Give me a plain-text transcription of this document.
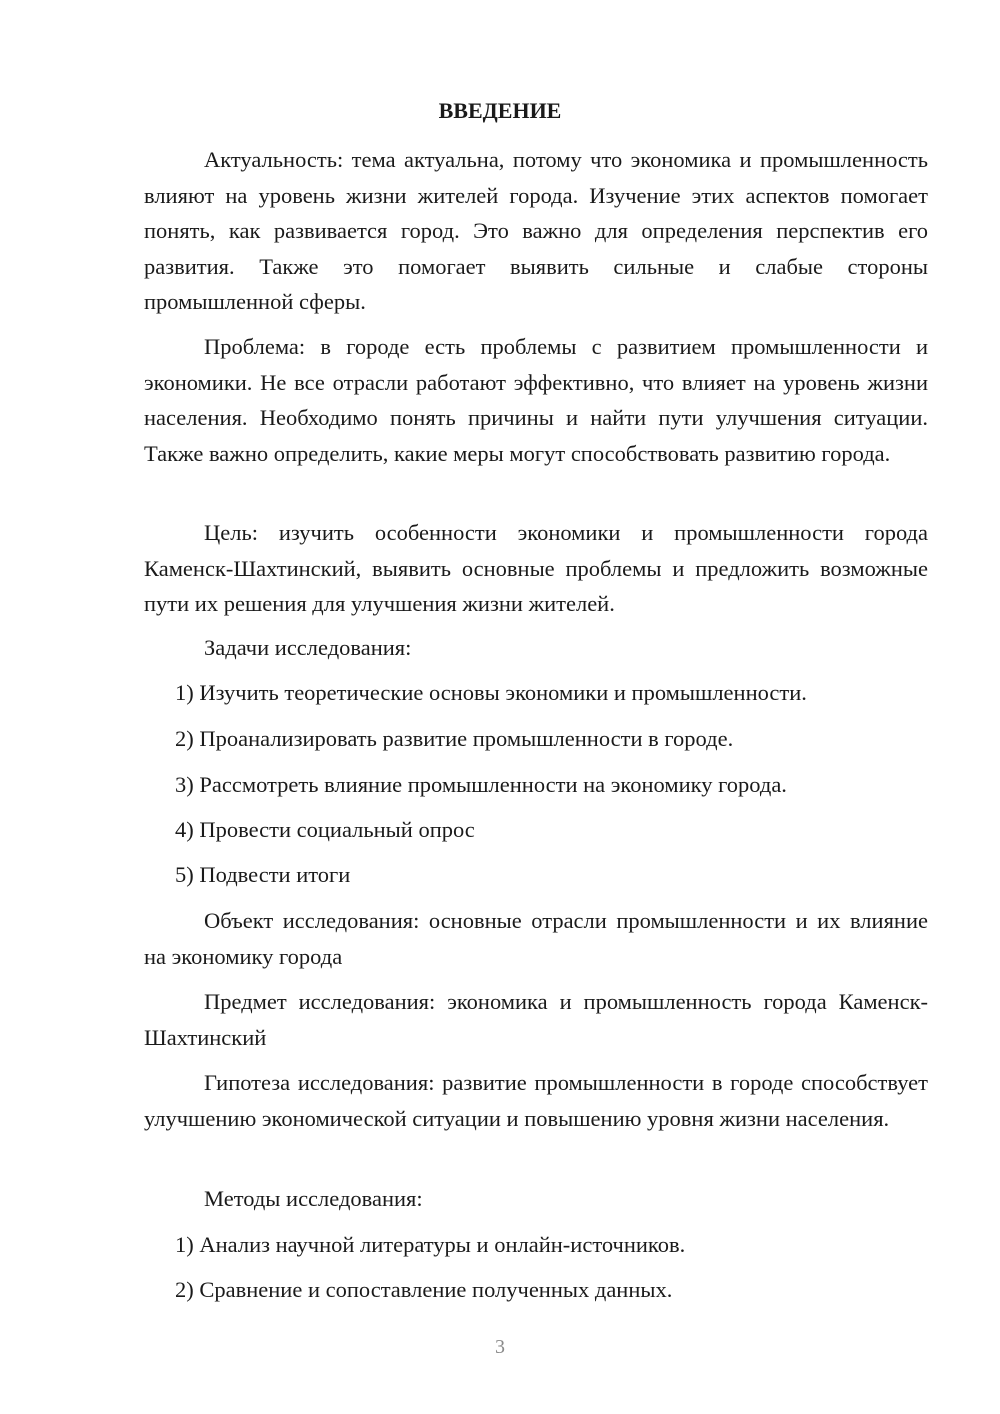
ВВЕДЕНИЕ

Актуальность: тема актуальна, потому что экономика и промышленность влияют на уровень жизни жителей города. Изучение этих аспектов помогает понять, как развивается город. Это важно для определения перспектив его развития. Также это помогает выявить сильные и слабые стороны промышленной сферы.

Проблема: в городе есть проблемы с развитием промышленности и экономики. Не все отрасли работают эффективно, что влияет на уровень жизни населения. Необходимо понять причины и найти пути улучшения ситуации. Также важно определить, какие меры могут способствовать развитию города.

Цель: изучить особенности экономики и промышленности города Каменск-Шахтинский, выявить основные проблемы и предложить возможные пути их решения для улучшения жизни жителей.

Задачи исследования:

1) Изучить теоретические основы экономики и промышленности.

2) Проанализировать развитие промышленности в городе.

3) Рассмотреть влияние промышленности на экономику города.

4) Провести социальный опрос

5) Подвести итоги

Объект исследования: основные отрасли промышленности и их влияние на экономику города

Предмет исследования: экономика и промышленность города Каменск-Шахтинский

Гипотеза исследования: развитие промышленности в городе способствует улучшению экономической ситуации и повышению уровня жизни населения.

Методы исследования:

1) Анализ научной литературы и онлайн-источников.

2) Сравнение и сопоставление полученных данных.

3
